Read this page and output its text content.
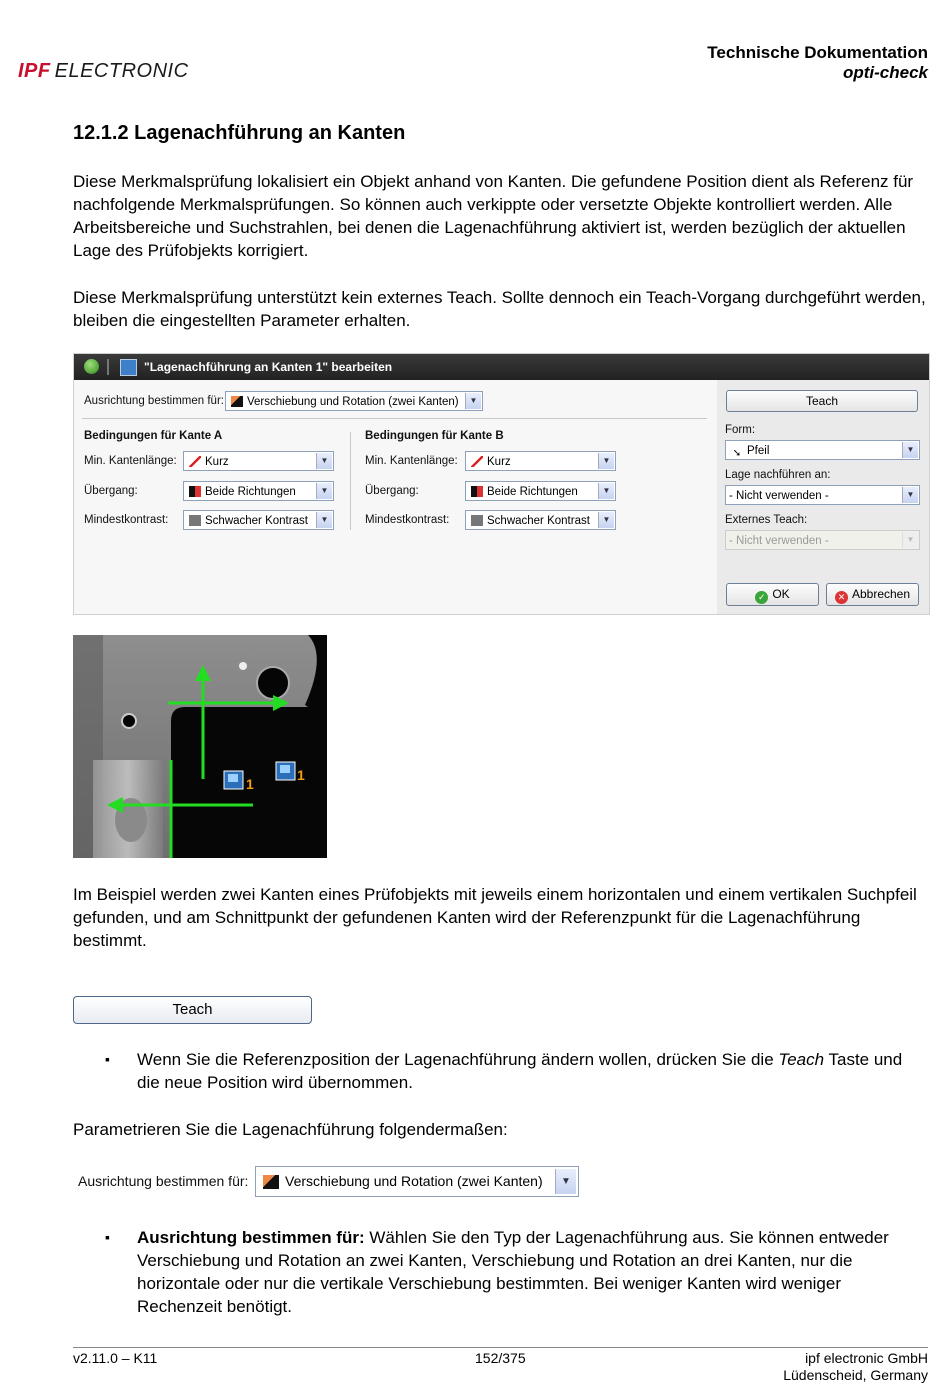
IPF ELECTRONIC
Technische Dokumentation
opti-check
12.1.2 Lagenachführung an Kanten
Diese Merkmalsprüfung lokalisiert ein Objekt anhand von Kanten. Die gefundene Position dient als Referenz für nachfolgende Merkmalsprüfungen. So können auch verkippte oder versetzte Objekte kontrolliert werden. Alle Arbeitsbereiche und Suchstrahlen, bei denen die Lagenachführung aktiviert ist, werden bezüglich der aktuellen Lage des Prüfobjekts korrigiert.
Diese Merkmalsprüfung unterstützt kein externes Teach. Sollte dennoch ein Teach-Vorgang durchgeführt werden, bleiben die eingestellten Parameter erhalten.
"Lagenachführung an Kanten 1" bearbeiten
Ausrichtung bestimmen für:	Verschiebung und Rotation (zwei Kanten)	▼
Bedingungen für Kante A
Min. Kantenlänge:	Kurz	▼
Übergang:	Beide Richtungen	▼
Mindestkontrast:	Schwacher Kontrast	▼
Bedingungen für Kante B
Min. Kantenlänge:	Kurz	▼
Übergang:	Beide Richtungen	▼
Mindestkontrast:	Schwacher Kontrast	▼
Teach
Form:
➘ Pfeil	▼
Lage nachführen an:
- Nicht verwenden -	▼
Externes Teach:
- Nicht verwenden -	▼
✓ OK	✕ Abbrechen
1
1
Im Beispiel werden zwei Kanten eines Prüfobjekts mit jeweils einem horizontalen und einem vertikalen Suchpfeil gefunden, und am Schnittpunkt der gefundenen Kanten wird der Referenzpunkt für die Lagenachführung bestimmt.
Teach
▪ Wenn Sie die Referenzposition der Lagenachführung ändern wollen, drücken Sie die Teach Taste und die neue Position wird übernommen.
Parametrieren Sie die Lagenachführung folgendermaßen:
Ausrichtung bestimmen für:	Verschiebung und Rotation (zwei Kanten)	▼
▪ Ausrichtung bestimmen für: Wählen Sie den Typ der Lagenachführung aus. Sie können entweder Verschiebung und Rotation an zwei Kanten, Verschiebung und Rotation an drei Kanten, nur die horizontale oder nur die vertikale Verschiebung bestimmten. Bei weniger Kanten wird weniger Rechenzeit benötigt.
v2.11.0 – K11	152/375	ipf electronic GmbH
Lüdenscheid, Germany
